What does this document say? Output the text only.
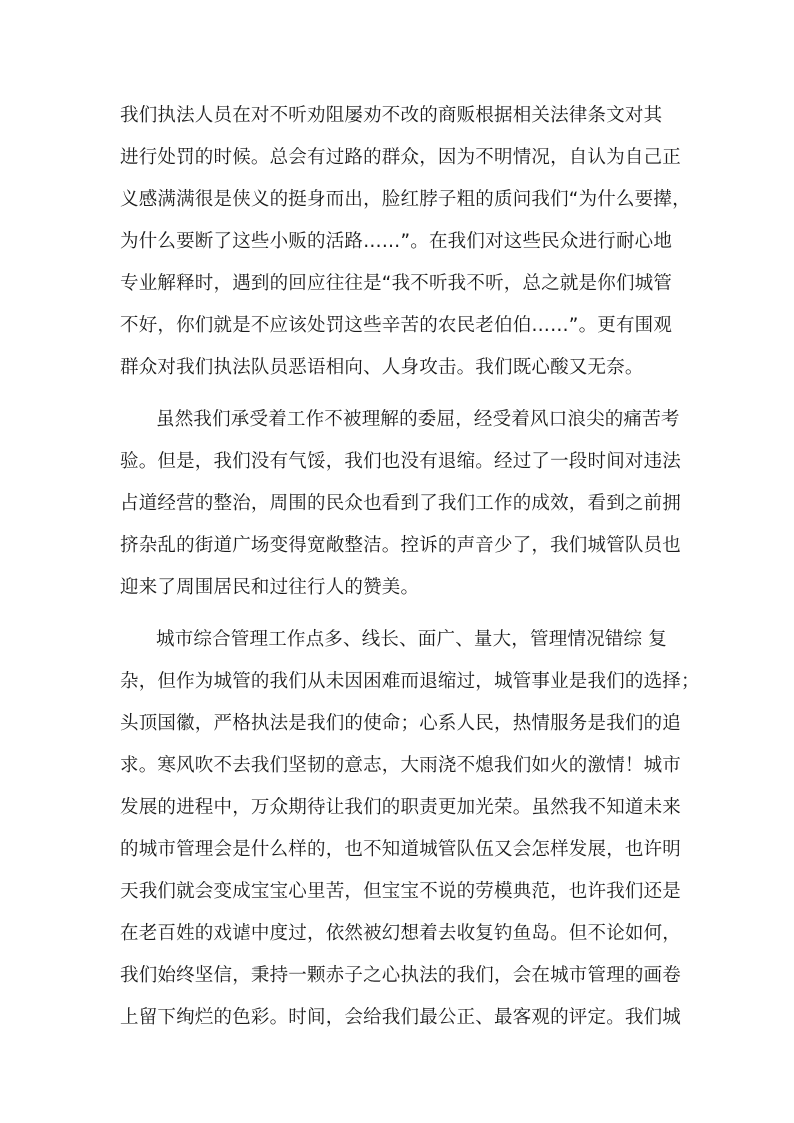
我们执法人员在对不听劝阻屡劝不改的商贩根据相关法律条文对其
进行处罚的时候。总会有过路的群众，因为不明情况，自认为自己正
义感满满很是侠义的挺身而出，脸红脖子粗的质问我们“为什么要撵，
为什么要断了这些小贩的活路……”。在我们对这些民众进行耐心地
专业解释时，遇到的回应往往是“我不听我不听，总之就是你们城管
不好，你们就是不应该处罚这些辛苦的农民老伯伯……”。更有围观
群众对我们执法队员恶语相向、人身攻击。我们既心酸又无奈。
虽然我们承受着工作不被理解的委屈，经受着风口浪尖的痛苦考
验。但是，我们没有气馁，我们也没有退缩。经过了一段时间对违法
占道经营的整治，周围的民众也看到了我们工作的成效，看到之前拥
挤杂乱的街道广场变得宽敞整洁。控诉的声音少了，我们城管队员也
迎来了周围居民和过往行人的赞美。
城市综合管理工作点多、线长、面广、量大，管理情况错综 复
杂，但作为城管的我们从未因困难而退缩过，城管事业是我们的选择；
头顶国徽，严格执法是我们的使命；心系人民，热情服务是我们的追
求。寒风吹不去我们坚韧的意志，大雨浇不熄我们如火的激情！城市
发展的进程中，万众期待让我们的职责更加光荣。虽然我不知道未来
的城市管理会是什么样的，也不知道城管队伍又会怎样发展，也许明
天我们就会变成宝宝心里苦，但宝宝不说的劳模典范，也许我们还是
在老百姓的戏谑中度过，依然被幻想着去收复钓鱼岛。但不论如何，
我们始终坚信，秉持一颗赤子之心执法的我们，会在城市管理的画卷
上留下绚烂的色彩。时间，会给我们最公正、最客观的评定。我们城
